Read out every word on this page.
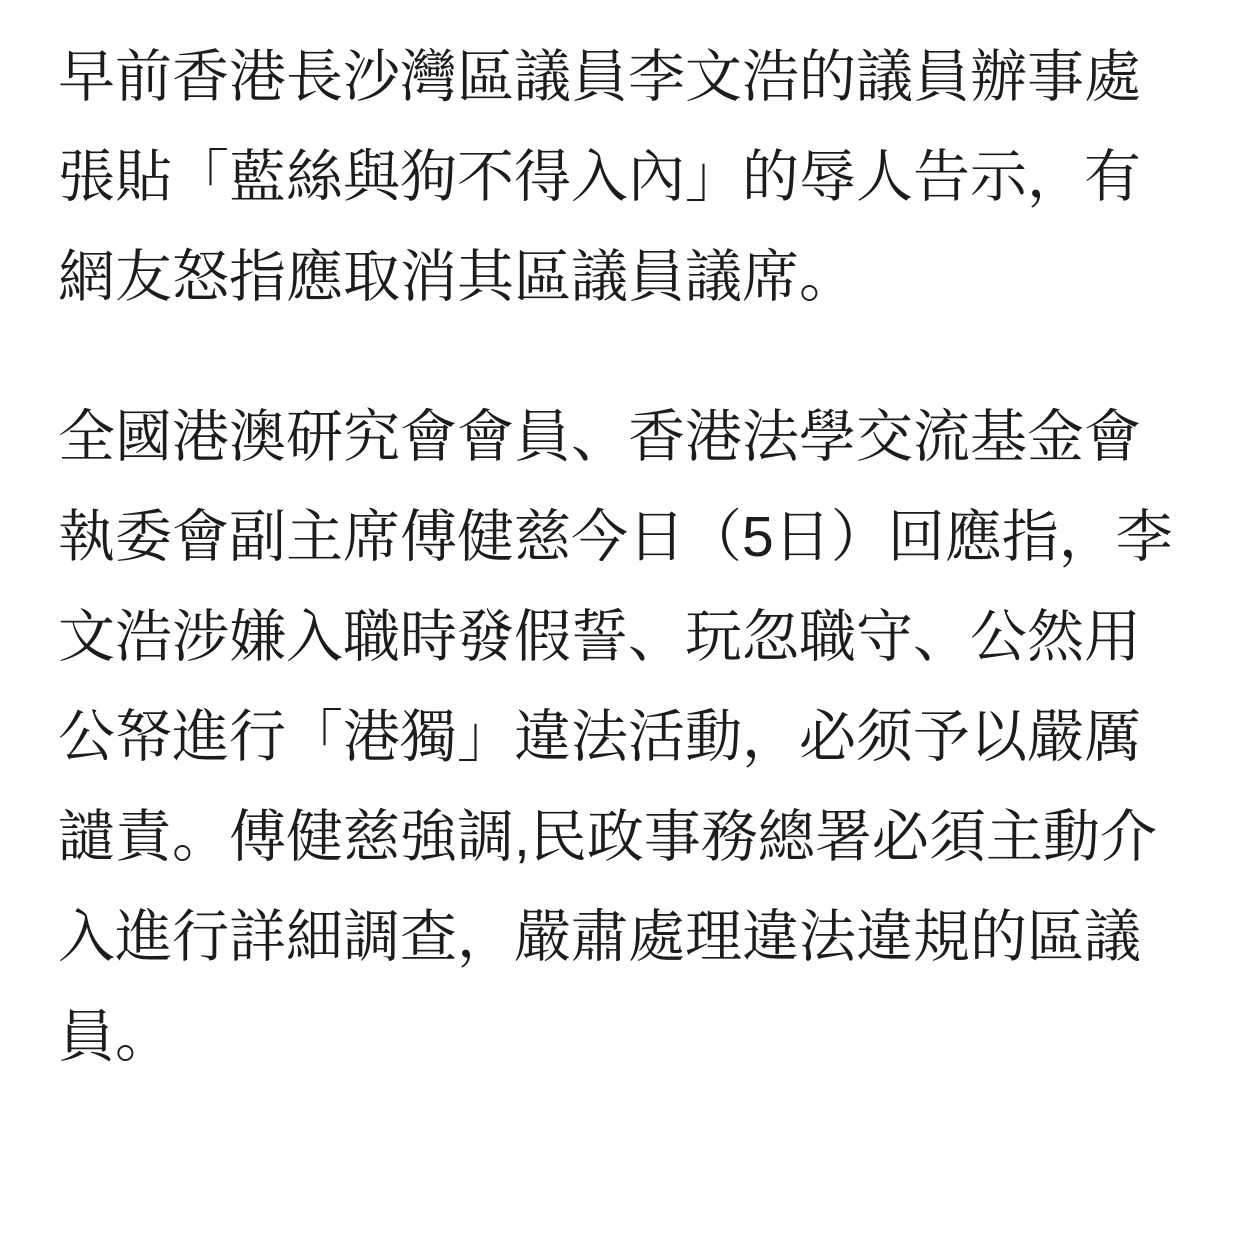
早前香港長沙灣區議員李文浩的議員辦事處
張貼「藍絲與狗不得入內」的辱人告示，有
網友怒指應取消其區議員議席。
全國港澳研究會會員、香港法學交流基金會
執委會副主席傅健慈今日（5日）回應指，李
文浩涉嫌入職時發假誓、玩忽職守、公然用
公帑進行「港獨」違法活動，必须予以嚴厲
譴責。傅健慈強調,民政事務總署必須主動介
入進行詳細調查，嚴肅處理違法違規的區議
員。
